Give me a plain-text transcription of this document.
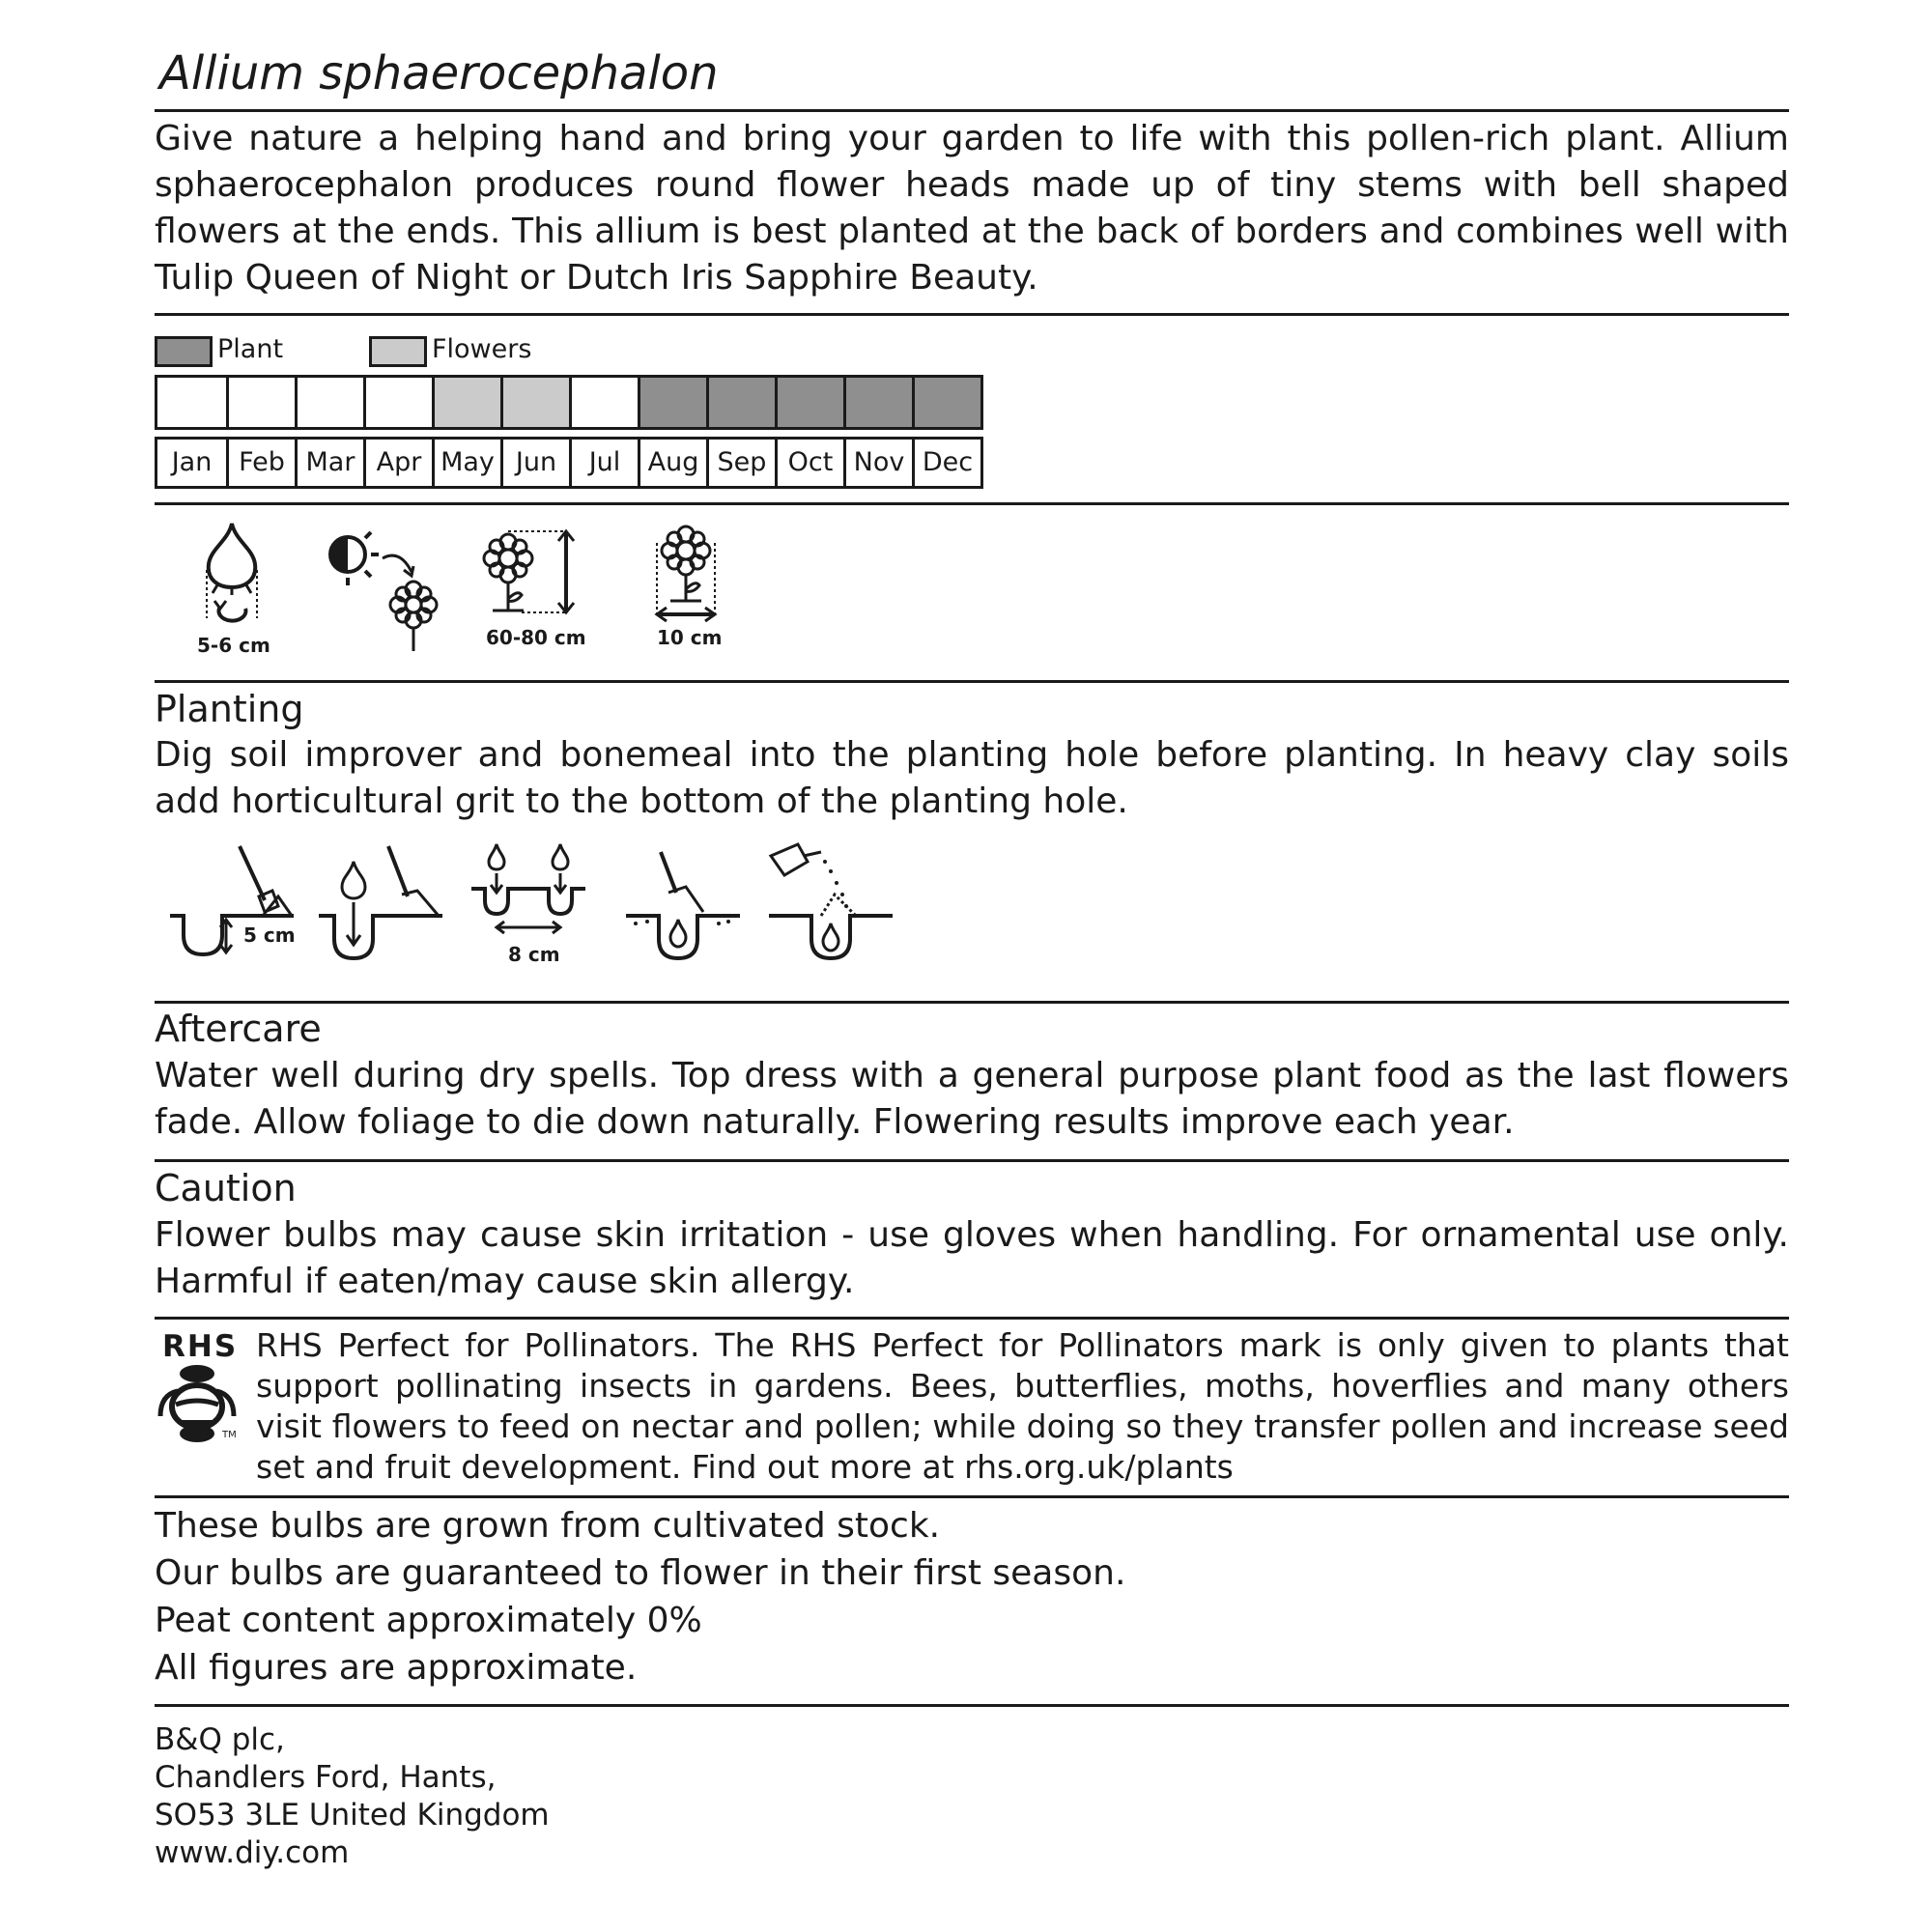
Allium sphaerocephalon
Give nature a helping hand and bring your garden to life with this pollen-rich plant. Allium sphaerocephalon produces round flower heads made up of tiny stems with bell shaped flowers at the ends. This allium is best planted at the back of borders and combines well with Tulip Queen of Night or Dutch Iris Sapphire Beauty.
Plant	Flowers
Jan	Feb Mar Apr May Jun	Jul	Aug Sep Oct Nov Dec
5-6 cm	60-80 cm	10 cm
Planting
Dig soil improver and bonemeal into the planting hole before planting. In heavy clay soils add horticultural grit to the bottom of the planting hole.
5 cm
8 cm
Aftercare
Water well during dry spells. Top dress with a general purpose plant food as the last flowers fade. Allow foliage to die down naturally. Flowering results improve each year.
Caution
Flower bulbs may cause skin irritation - use gloves when handling. For ornamental use only. Harmful if eaten/may cause skin allergy.
RHS
TM
RHS Perfect for Pollinators. The RHS Perfect for Pollinators mark is only given to plants that support pollinating insects in gardens. Bees, butterflies, moths, hoverflies and many others visit flowers to feed on nectar and pollen; while doing so they transfer pollen and increase seed set and fruit development. Find out more at rhs.org.uk/plants
These bulbs are grown from cultivated stock.
Our bulbs are guaranteed to flower in their first season.
Peat content approximately 0%
All figures are approximate.
B&Q plc,
Chandlers Ford, Hants,
SO53 3LE United Kingdom
www.diy.com
